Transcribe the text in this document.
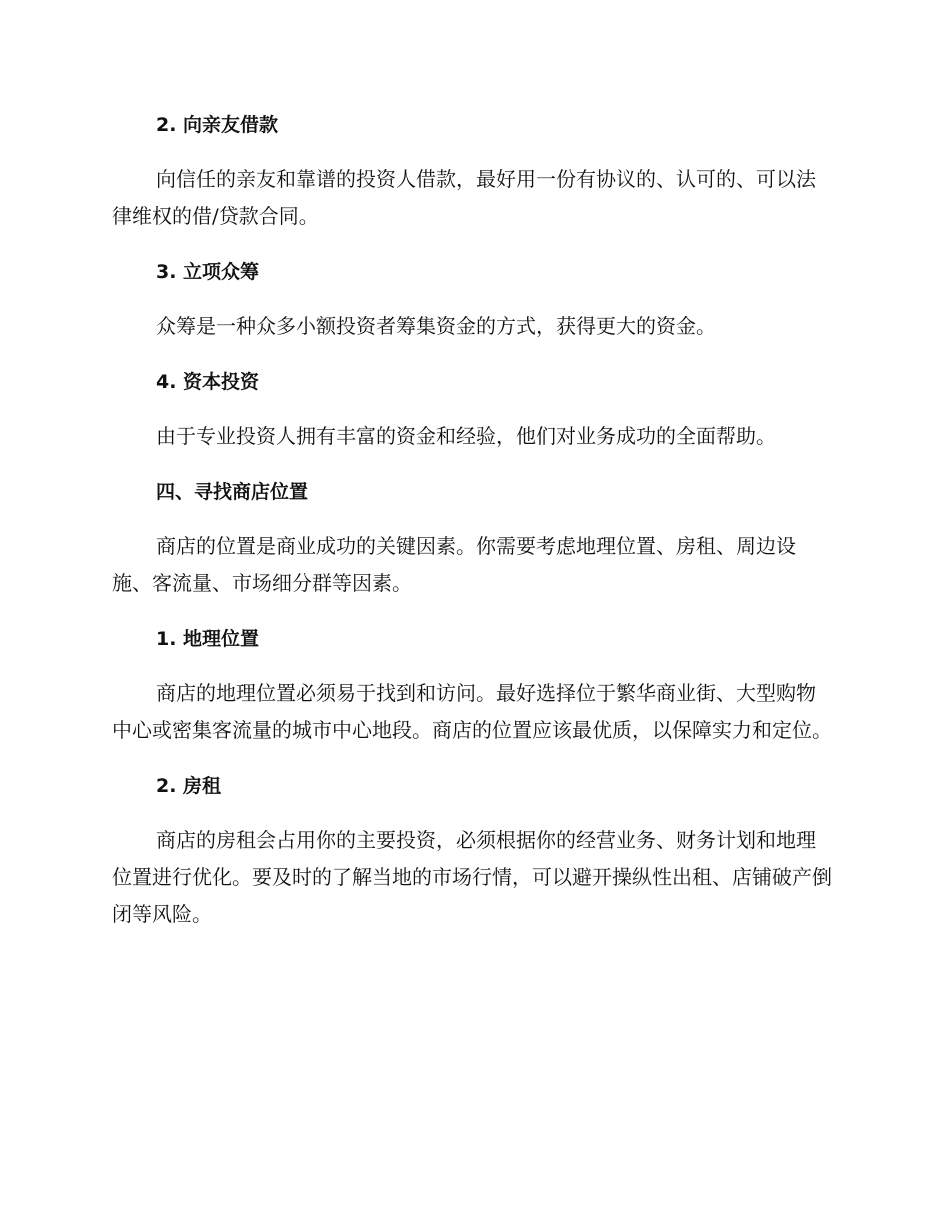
2. 向亲友借款

向信任的亲友和靠谱的投资人借款，最好用一份有协议的、认可的、可以法律维权的借/贷款合同。

3. 立项众筹

众筹是一种众多小额投资者筹集资金的方式，获得更大的资金。

4. 资本投资

由于专业投资人拥有丰富的资金和经验，他们对业务成功的全面帮助。

四、寻找商店位置

商店的位置是商业成功的关键因素。你需要考虑地理位置、房租、周边设施、客流量、市场细分群等因素。

1. 地理位置

商店的地理位置必须易于找到和访问。最好选择位于繁华商业街、大型购物中心或密集客流量的城市中心地段。商店的位置应该最优质，以保障实力和定位。

2. 房租

商店的房租会占用你的主要投资，必须根据你的经营业务、财务计划和地理位置进行优化。要及时的了解当地的市场行情，可以避开操纵性出租、店铺破产倒闭等风险。
